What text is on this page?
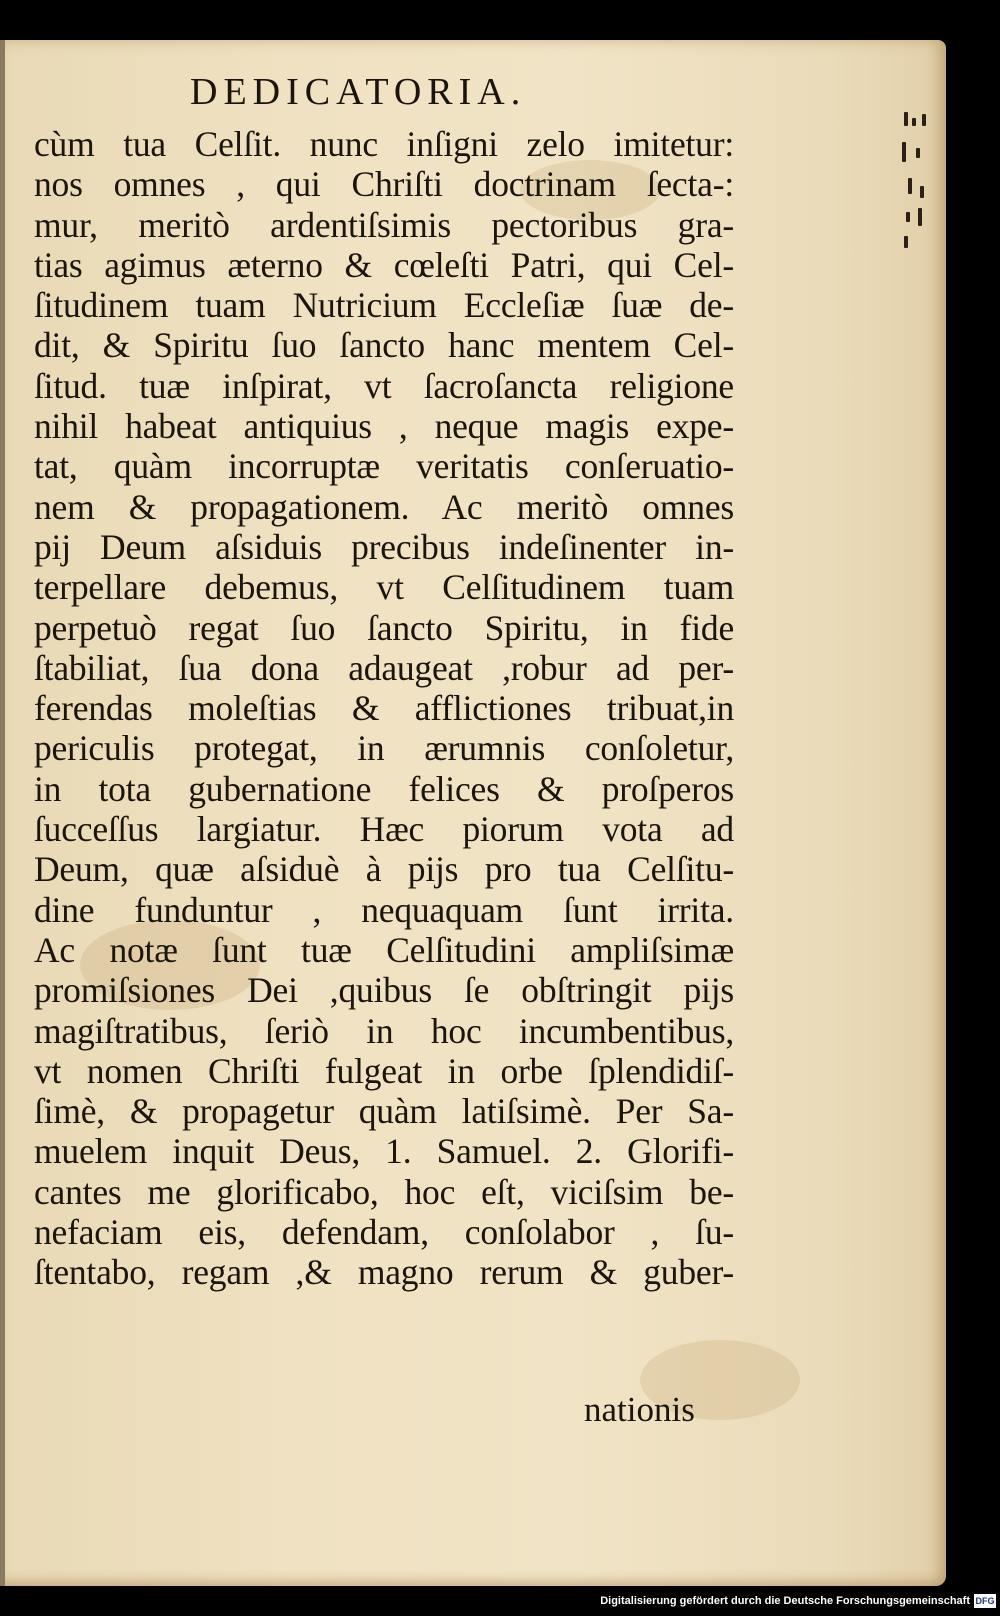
DEDICATORIA.
cùm tua Celſit. nunc inſigni zelo imitetur:
nos omnes , qui Chriſti doctrinam ſecta-:
mur, meritò ardentiſsimis pectoribus gra-
tias agimus æterno & cœleſti Patri, qui Cel-
ſitudinem tuam Nutricium Eccleſiæ ſuæ de-
dit, & Spiritu ſuo ſancto hanc mentem Cel-
ſitud. tuæ inſpirat, vt ſacroſancta religione
nihil habeat antiquius , neque magis expe-
tat, quàm incorruptæ veritatis conſeruatio-
nem & propagationem. Ac meritò omnes
pij Deum aſsiduis precibus indeſinenter in-
terpellare debemus, vt Celſitudinem tuam
perpetuò regat ſuo ſancto Spiritu, in fide
ſtabiliat, ſua dona adaugeat ,robur ad per-
ferendas moleſtias & afflictiones tribuat,in
periculis protegat, in ærumnis conſoletur,
in tota gubernatione felices & proſperos
ſucceſſus largiatur. Hæc piorum vota ad
Deum, quæ aſsiduè à pijs pro tua Celſitu-
dine funduntur , nequaquam ſunt irrita.
Ac notæ ſunt tuæ Celſitudini ampliſsimæ
promiſsiones Dei ,quibus ſe obſtringit pijs
magiſtratibus, ſeriò in hoc incumbentibus,
vt nomen Chriſti fulgeat in orbe ſplendidiſ-
ſimè, & propagetur quàm latiſsimè. Per Sa-
muelem inquit Deus, 1. Samuel. 2. Glorifi-
cantes me glorificabo, hoc eſt, viciſsim be-
nefaciam eis, defendam, conſolabor , ſu-
ſtentabo, regam ,& magno rerum & guber-
nationis
Digitalisierung gefördert durch die Deutsche Forschungsgemeinschaft DFG
